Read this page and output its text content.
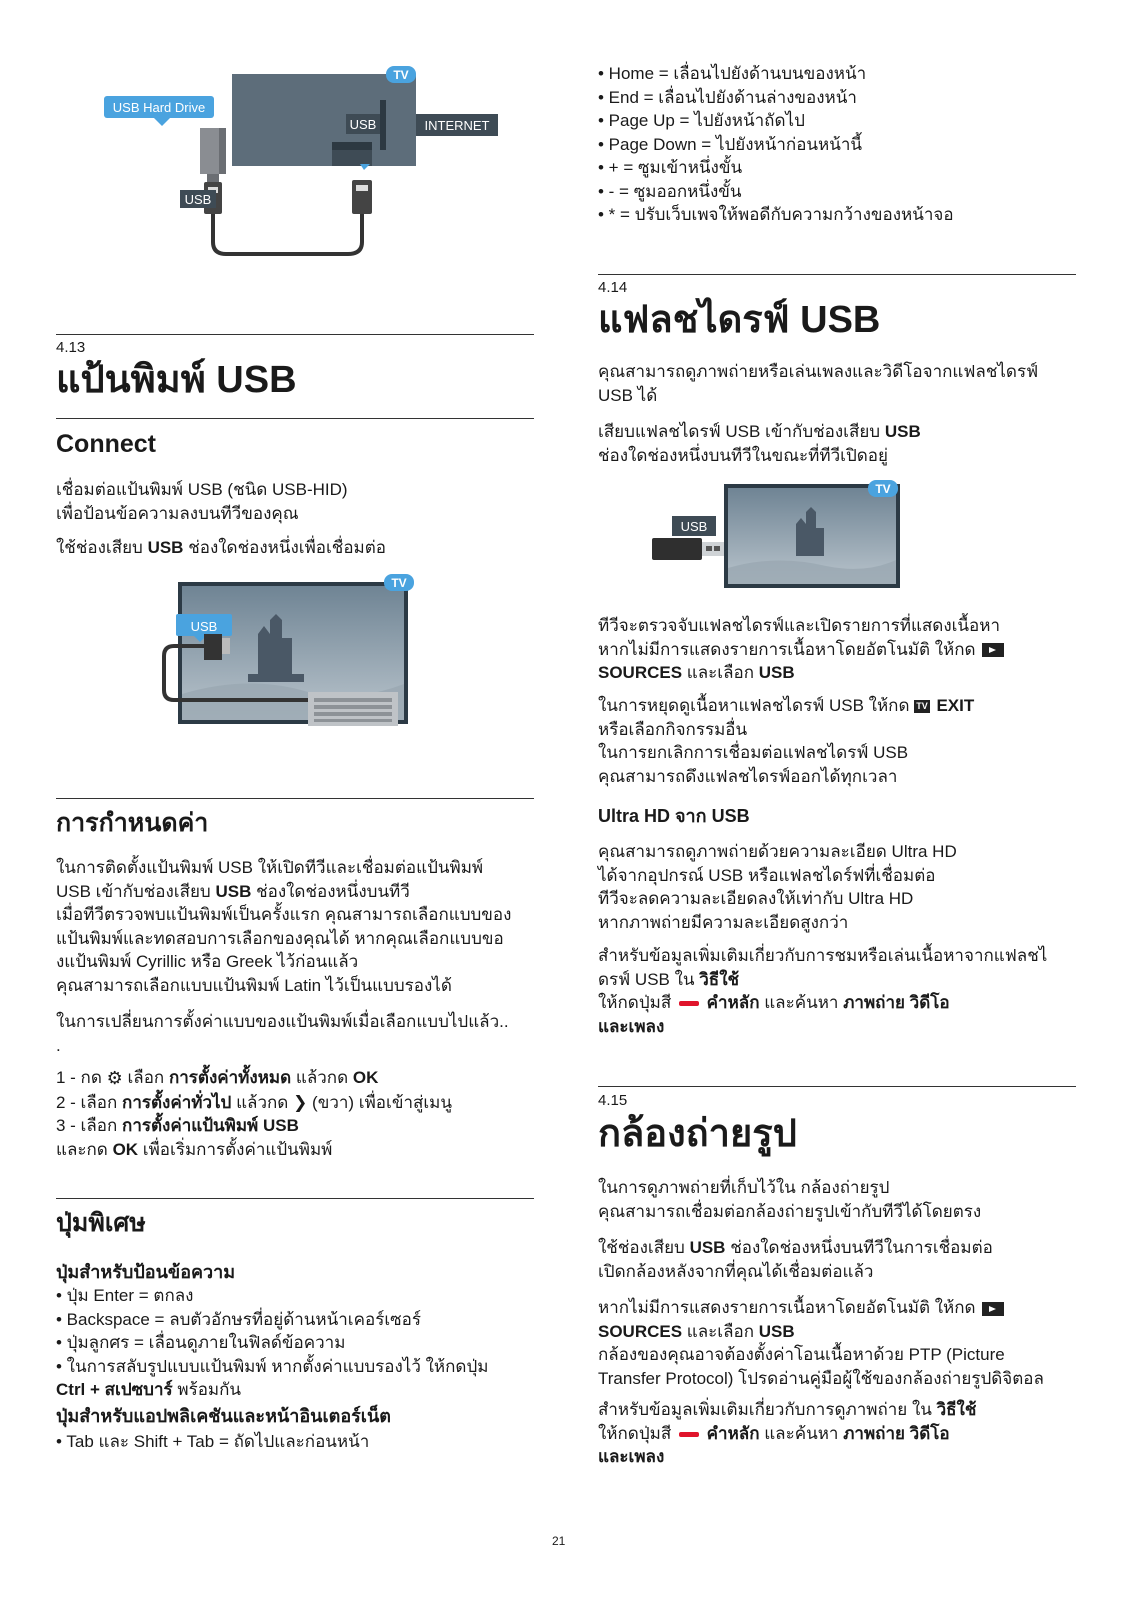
USB Hard Drive
TV
USB	INTERNET
USB
4.13
แป้นพิมพ์ USB
Connect
เชื่อมต่อแป้นพิมพ์ USB (ชนิด USB-HID)
เพื่อป้อนข้อความลงบนทีวีของคุณ
ใช้ช่องเสียบ USB ช่องใดช่องหนึ่งเพื่อเชื่อมต่อ
TV
USB
การกำหนดค่า
ในการติดตั้งแป้นพิมพ์ USB ให้เปิดทีวีและเชื่อมต่อแป้นพิมพ์
USB เข้ากับช่องเสียบ USB ช่องใดช่องหนึ่งบนทีวี
เมื่อทีวีตรวจพบแป้นพิมพ์เป็นครั้งแรก คุณสามารถเลือกแบบของ
แป้นพิมพ์และทดสอบการเลือกของคุณได้ หากคุณเลือกแบบขอ
งแป้นพิมพ์ Cyrillic หรือ Greek ไว้ก่อนแล้ว
คุณสามารถเลือกแบบแป้นพิมพ์ Latin ไว้เป็นแบบรองได้
ในการเปลี่ยนการตั้งค่าแบบของแป้นพิมพ์เมื่อเลือกแบบไปแล้ว..
.
1 - กด ⚙ เลือก การตั้งค่าทั้งหมด แล้วกด OK
2 - เลือก การตั้งค่าทั่วไป แล้วกด ❯ (ขวา) เพื่อเข้าสู่เมนู
3 - เลือก การตั้งค่าแป้นพิมพ์ USB
และกด OK เพื่อเริ่มการตั้งค่าแป้นพิมพ์
ปุ่มพิเศษ
ปุ่มสำหรับป้อนข้อความ
• ปุ่ม Enter = ตกลง
• Backspace = ลบตัวอักษรที่อยู่ด้านหน้าเคอร์เซอร์
• ปุ่มลูกศร = เลื่อนดูภายในฟิลด์ข้อความ
• ในการสลับรูปแบบแป้นพิมพ์ หากตั้งค่าแบบรองไว้ ให้กดปุ่ม
Ctrl + สเปซบาร์ พร้อมกัน
ปุ่มสำหรับแอปพลิเคชันและหน้าอินเตอร์เน็ต
• Tab และ Shift + Tab = ถัดไปและก่อนหน้า
• Home = เลื่อนไปยังด้านบนของหน้า
• End = เลื่อนไปยังด้านล่างของหน้า
• Page Up = ไปยังหน้าถัดไป
• Page Down = ไปยังหน้าก่อนหน้านี้
• + = ซูมเข้าหนึ่งขั้น
• - = ซูมออกหนึ่งขั้น
• * = ปรับเว็บเพจให้พอดีกับความกว้างของหน้าจอ
4.14
แฟลชไดรฟ์ USB
คุณสามารถดูภาพถ่ายหรือเล่นเพลงและวิดีโอจากแฟลชไดรฟ์
USB ได้
เสียบแฟลชไดรฟ์ USB เข้ากับช่องเสียบ USB
ช่องใดช่องหนึ่งบนทีวีในขณะที่ทีวีเปิดอยู่
TV
USB
ทีวีจะตรวจจับแฟลชไดรฟ์และเปิดรายการที่แสดงเนื้อหา
หากไม่มีการแสดงรายการเนื้อหาโดยอัตโนมัติ ให้กด
SOURCES และเลือก USB
ในการหยุดดูเนื้อหาแฟลชไดรฟ์ USB ให้กด TV EXIT
หรือเลือกกิจกรรมอื่น
ในการยกเลิกการเชื่อมต่อแฟลชไดรฟ์ USB
คุณสามารถดึงแฟลชไดรฟ์ออกได้ทุกเวลา
Ultra HD จาก USB
คุณสามารถดูภาพถ่ายด้วยความละเอียด Ultra HD
ได้จากอุปกรณ์ USB หรือแฟลชไดร์ฟที่เชื่อมต่อ
ทีวีจะลดความละเอียดลงให้เท่ากับ Ultra HD
หากภาพถ่ายมีความละเอียดสูงกว่า
สำหรับข้อมูลเพิ่มเติมเกี่ยวกับการชมหรือเล่นเนื้อหาจากแฟลชไ
ดรฟ์ USB ใน วิธีใช้
ให้กดปุ่มสี  คำหลัก และค้นหา ภาพถ่าย วิดีโอ
และเพลง
4.15
กล้องถ่ายรูป
ในการดูภาพถ่ายที่เก็บไว้ใน กล้องถ่ายรูป
คุณสามารถเชื่อมต่อกล้องถ่ายรูปเข้ากับทีวีได้โดยตรง
ใช้ช่องเสียบ USB ช่องใดช่องหนึ่งบนทีวีในการเชื่อมต่อ
เปิดกล้องหลังจากที่คุณได้เชื่อมต่อแล้ว
หากไม่มีการแสดงรายการเนื้อหาโดยอัตโนมัติ ให้กด
SOURCES และเลือก USB
กล้องของคุณอาจต้องตั้งค่าโอนเนื้อหาด้วย PTP (Picture
Transfer Protocol) โปรดอ่านคู่มือผู้ใช้ของกล้องถ่ายรูปดิจิตอล
สำหรับข้อมูลเพิ่มเติมเกี่ยวกับการดูภาพถ่าย ใน วิธีใช้
ให้กดปุ่มสี  คำหลัก และค้นหา ภาพถ่าย วิดีโอ
และเพลง
21
